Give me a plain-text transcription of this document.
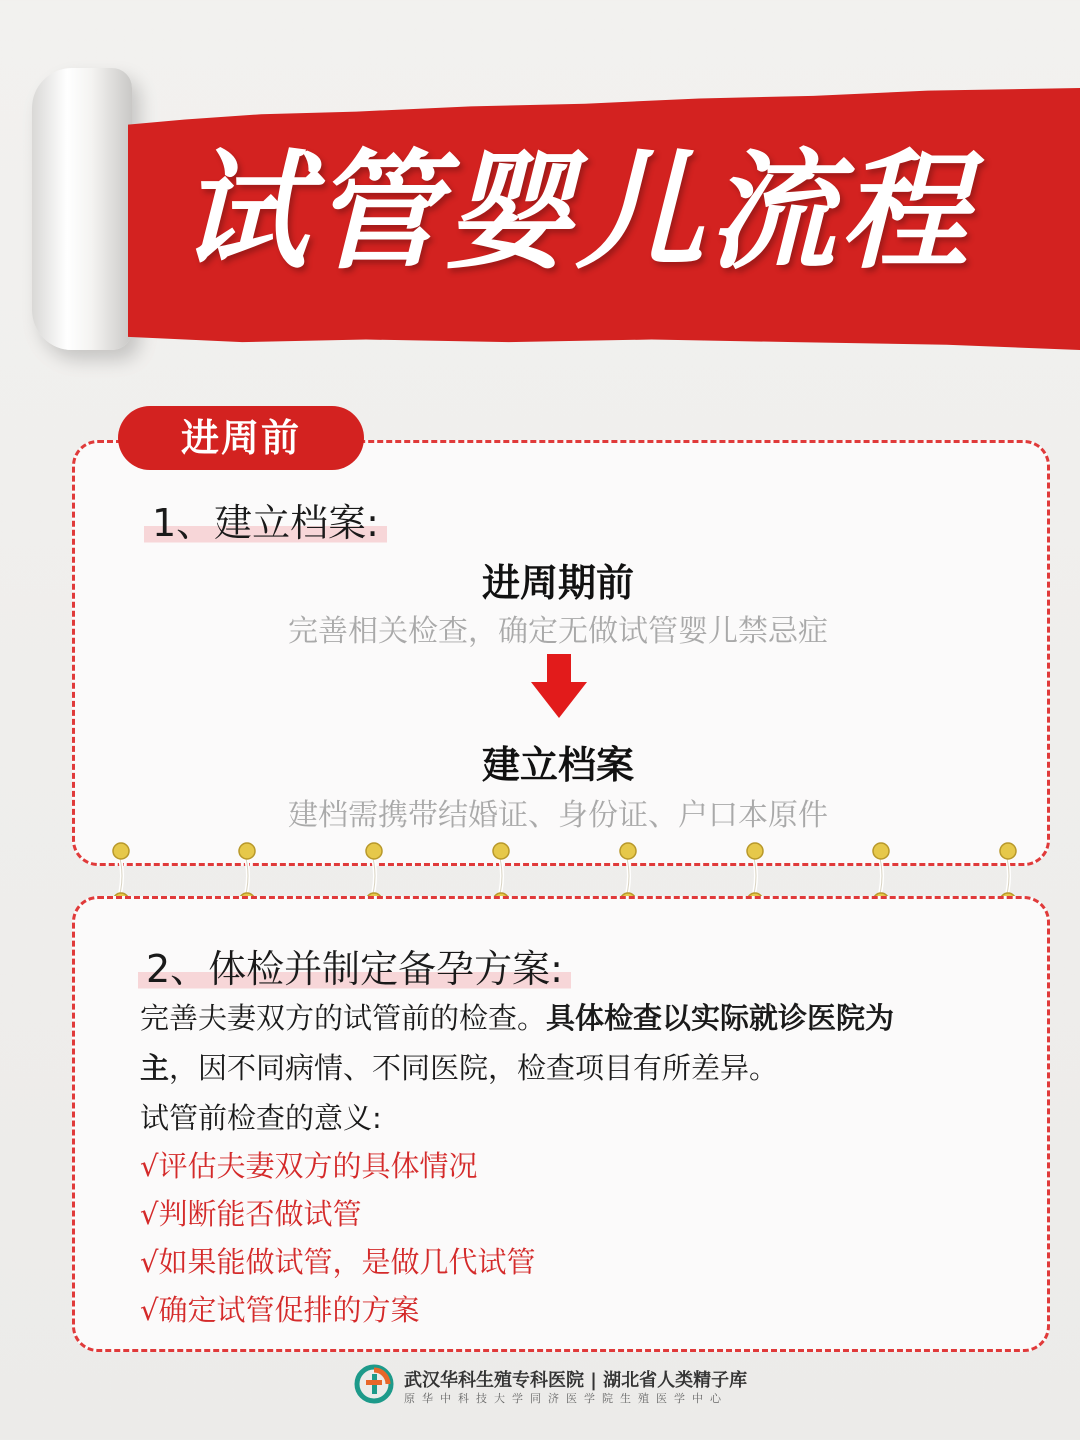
试管婴儿流程
进周前
1、建立档案:
进周期前
完善相关检查，确定无做试管婴儿禁忌症
建立档案
建档需携带结婚证、身份证、户口本原件
2、体检并制定备孕方案:
完善夫妻双方的试管前的检查。具体检查以实际就诊医院为
主，因不同病情、不同医院，检查项目有所差异。
试管前检查的意义:
√评估夫妻双方的具体情况
√判断能否做试管
√如果能做试管，是做几代试管
√确定试管促排的方案
武汉华科生殖专科医院 | 湖北省人类精子库
原华中科技大学同济医学院生殖医学中心
